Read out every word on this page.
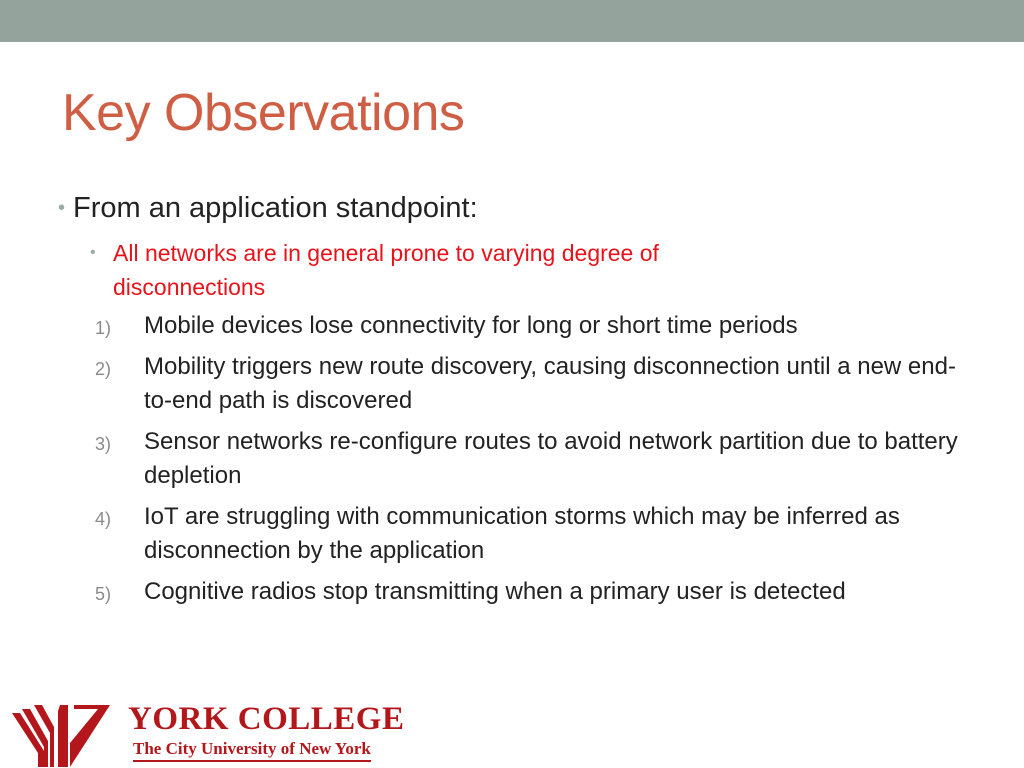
Key Observations
• From an application standpoint:
• All networks are in general prone to varying degree of disconnections
1) Mobile devices lose connectivity for long or short time periods
2) Mobility triggers new route discovery, causing disconnection until a new end-to-end path is discovered
3) Sensor networks re-configure routes to avoid network partition due to battery depletion
4) IoT are struggling with communication storms which may be inferred as disconnection by the application
5) Cognitive radios stop transmitting when a primary user is detected
YORK COLLEGE
The City University of New York
